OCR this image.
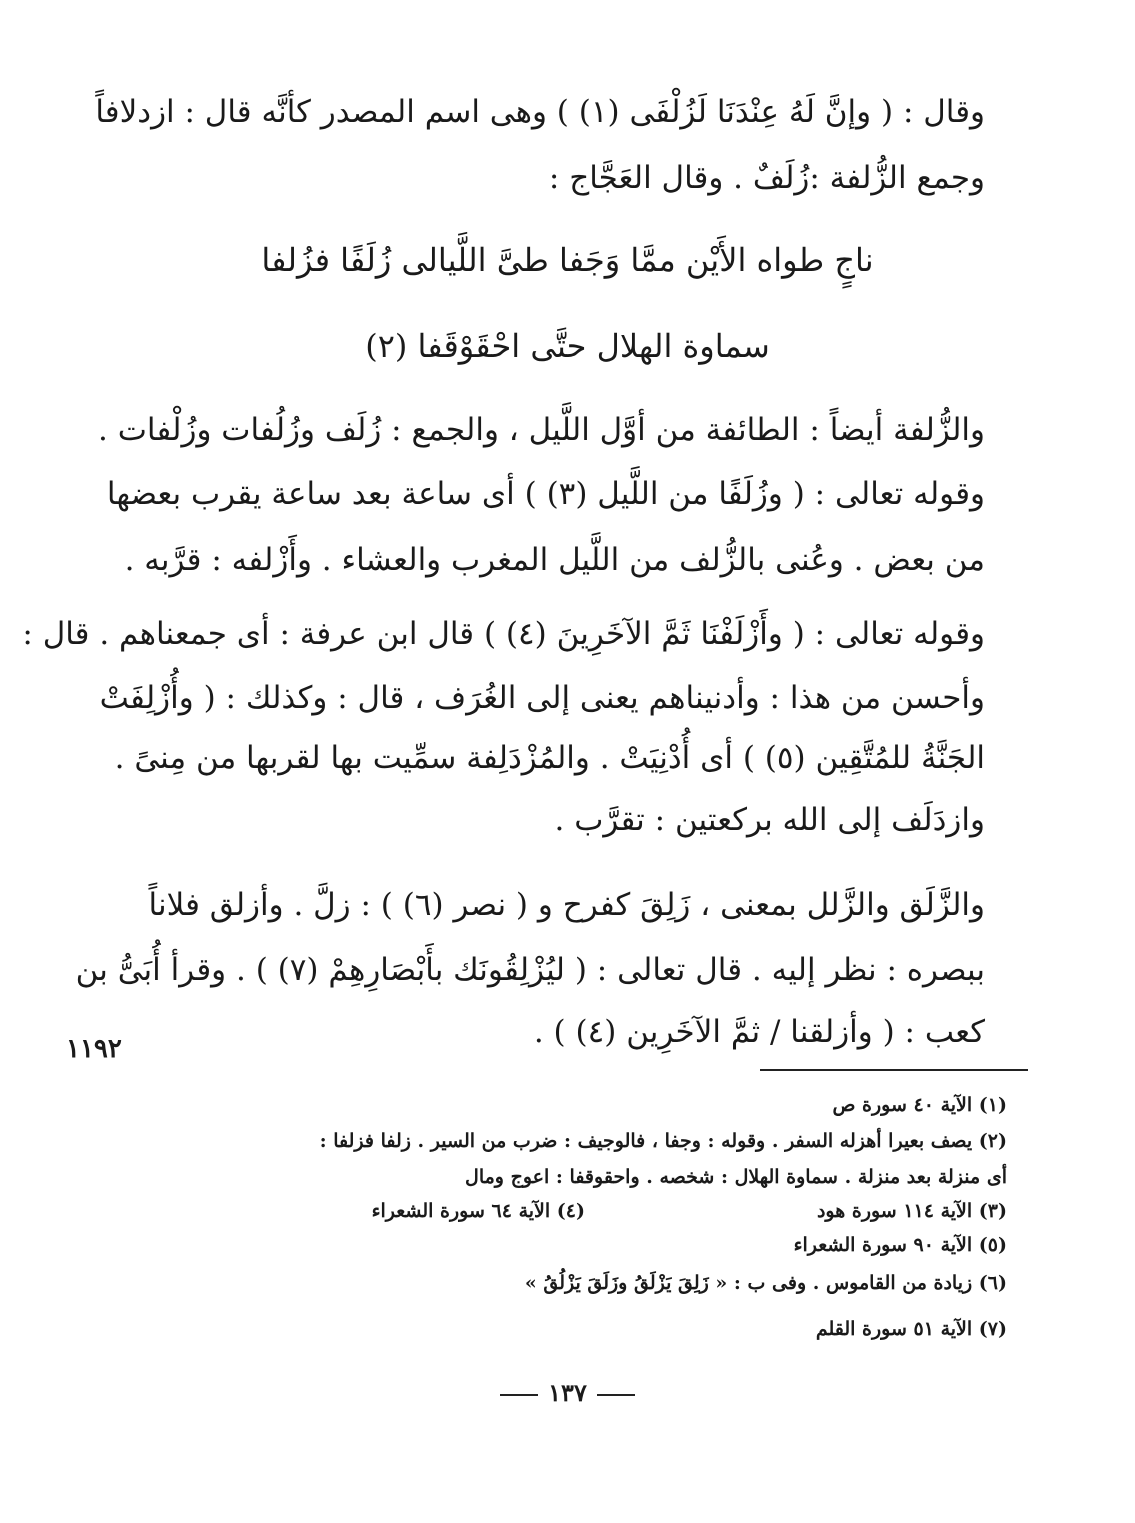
وقال : ( وإنَّ لَهُ عِنْدَنَا لَزُلْفَى (١) ) وهى اسم المصدر كأنَّه قال : ازدلافاً
وجمع الزُّلفة :زُلَفٌ . وقال العَجَّاج :
ناجٍ طواه الأَيْن ممَّا وَجَفا طىَّ اللَّيالى زُلَفًا فزُلفا
سماوة الهلال حتَّى احْقَوْقَفا (٢)
والزُّلفة أيضاً : الطائفة من أوَّل اللَّيل ، والجمع : زُلَف وزُلُفات وزُلْفات .
وقوله تعالى : ( وزُلَفًا من اللَّيل (٣) ) أى ساعة بعد ساعة يقرب بعضها
من بعض . وعُنى بالزُّلف من اللَّيل المغرب والعشاء . وأَزْلفه : قرَّبه .
وقوله تعالى : ( وأَزْلَفْنَا ثَمَّ الآخَرِينَ (٤) ) قال ابن عرفة : أى جمعناهم . قال :
وأحسن من هذا : وأدنيناهم يعنى إلى الغُرَف ، قال : وكذلك : ( وأُزْلِفَتْ
الجَنَّةُ للمُتَّقِين (٥) ) أى أُدْنِيَتْ . والمُزْدَلِفة سمِّيت بها لقربها من مِنىً .
وازدَلَف إلى الله بركعتين : تقرَّب .
والزَّلَق والزَّلل بمعنى ، زَلِقَ كفرح و ( نصر (٦) ) : زلَّ . وأزلق فلاناً
ببصره : نظر إليه . قال تعالى : ( ليُزْلِقُونَك بأَبْصَارِهِمْ (٧) ) . وقرأ أُبَىُّ بن
كعب : ( وأزلقنا / ثمَّ الآخَرِين (٤) ) .
١١٩٢
(١) الآية ٤٠ سورة ص
(٢) يصف بعيرا أهزله السفر . وقوله : وجفا ، فالوجيف : ضرب من السير . زلفا فزلفا :
أى منزلة بعد منزلة . سماوة الهلال : شخصه . واحقوقفا : اعوج ومال
(٣) الآية ١١٤ سورة هود
(٤) الآية ٦٤ سورة الشعراء
(٥) الآية ٩٠ سورة الشعراء
(٦) زيادة من القاموس . وفى ب : « زَلِقَ يَزْلَقُ وزَلَقَ يَزْلُقُ »
(٧) الآية ٥١ سورة القلم
١٣٧
